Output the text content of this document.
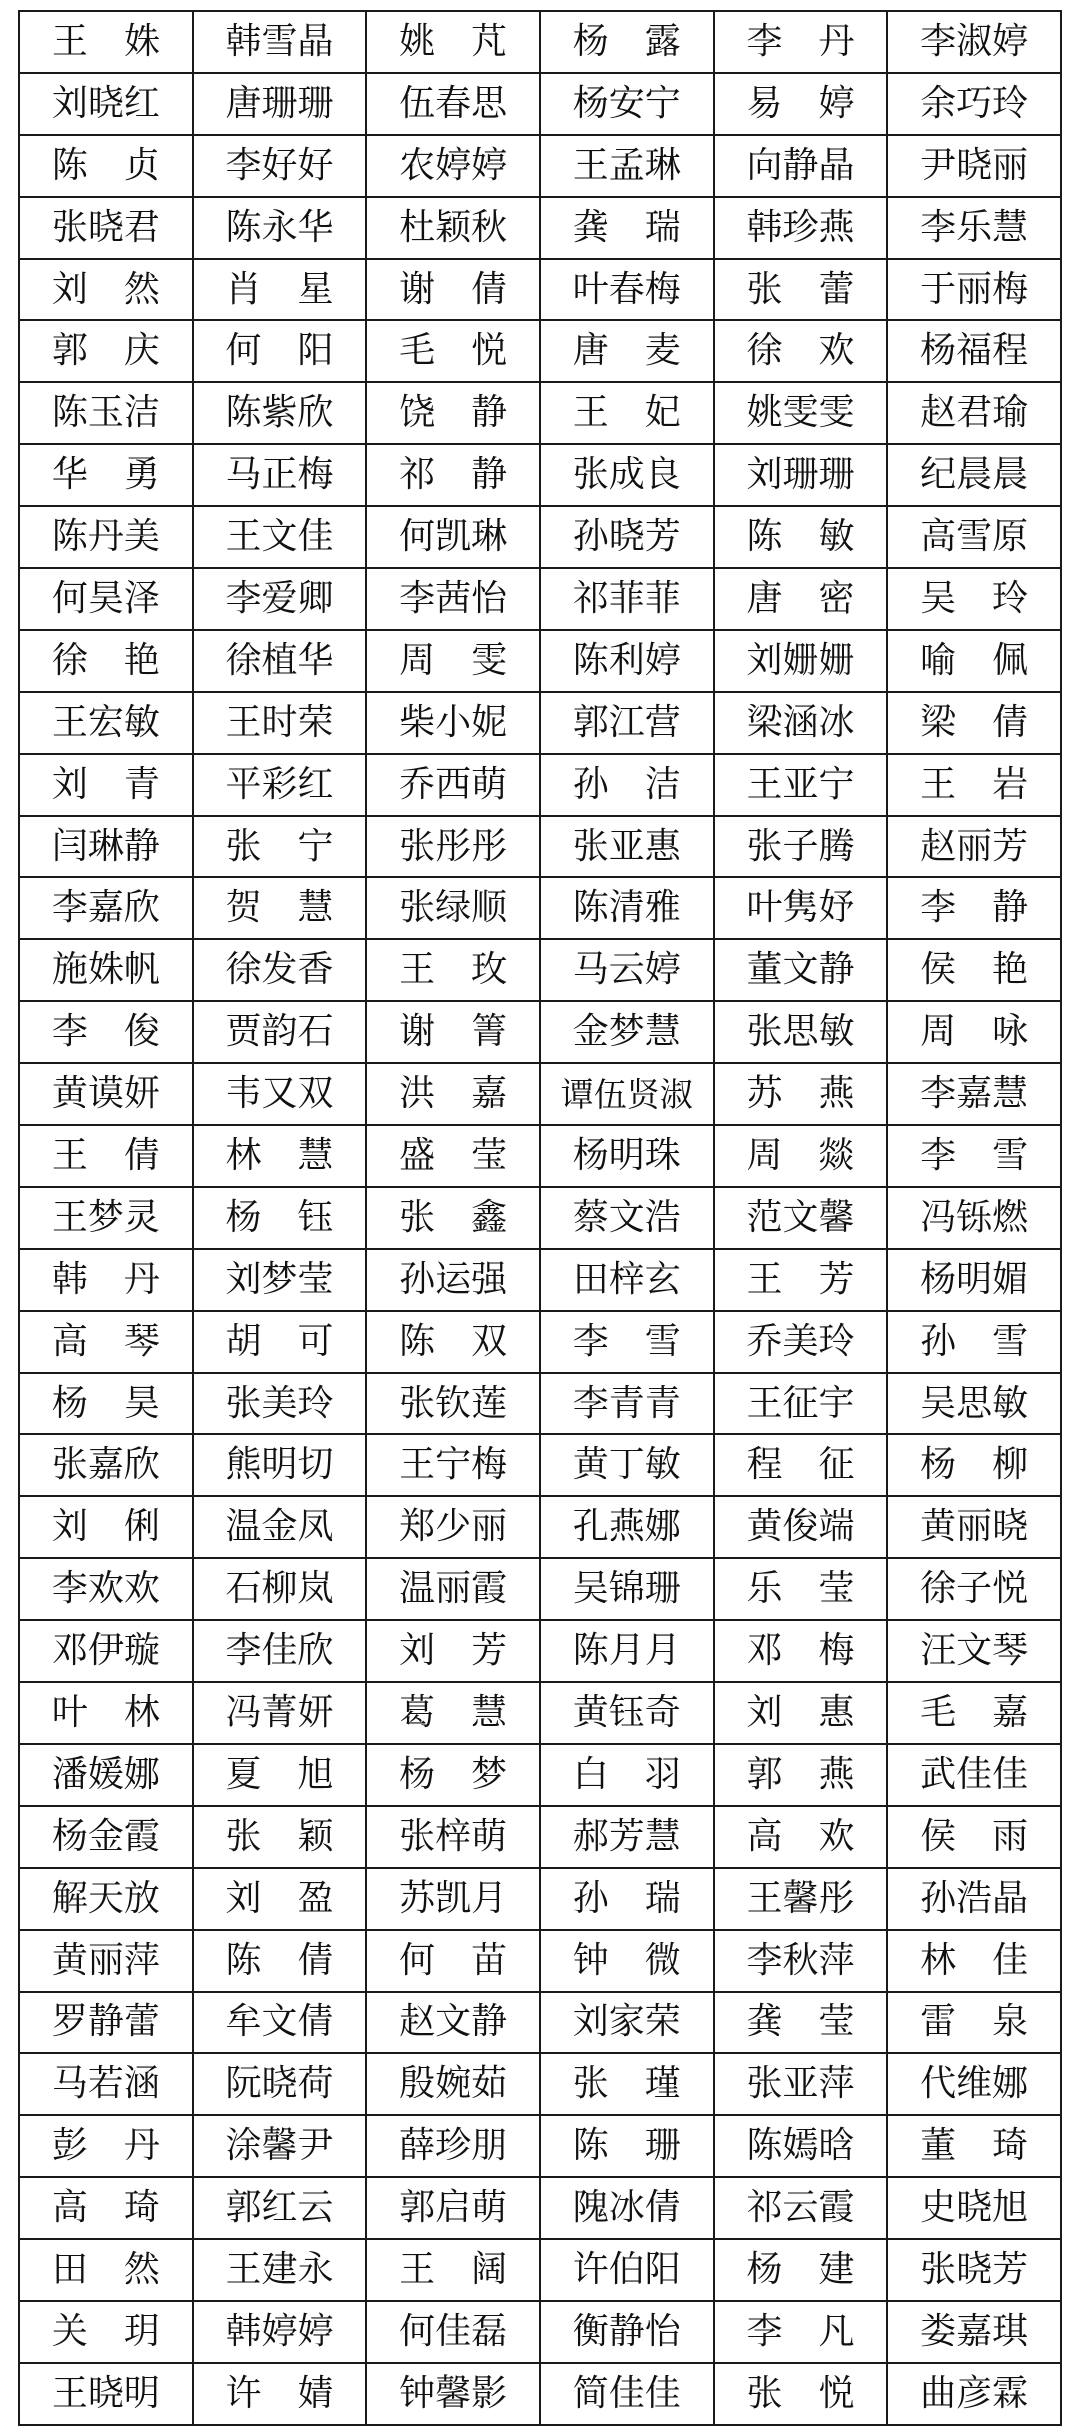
王　姝	韩雪晶	姚　芃	杨　露	李　丹	李淑婷
刘晓红	唐珊珊	伍春思	杨安宁	易　婷	余巧玲
陈　贞	李好好	农婷婷	王孟琳	向静晶	尹晓丽
张晓君	陈永华	杜颖秋	龚　瑞	韩珍燕	李乐慧
刘　然	肖　星	谢　倩	叶春梅	张　蕾	于丽梅
郭　庆	何　阳	毛　悦	唐　麦	徐　欢	杨福程
陈玉洁	陈紫欣	饶　静	王　妃	姚雯雯	赵君瑜
华　勇	马正梅	祁　静	张成良	刘珊珊	纪晨晨
陈丹美	王文佳	何凯琳	孙晓芳	陈　敏	高雪原
何昊泽	李爱卿	李茜怡	祁菲菲	唐　密	吴　玲
徐　艳	徐植华	周　雯	陈利婷	刘姗姗	喻　佩
王宏敏	王时荣	柴小妮	郭江营	梁涵冰	梁　倩
刘　青	平彩红	乔西萌	孙　洁	王亚宁	王　岩
闫琳静	张　宁	张彤彤	张亚惠	张子腾	赵丽芳
李嘉欣	贺　慧	张绿顺	陈清雅	叶隽妤	李　静
施姝帆	徐发香	王　玫	马云婷	董文静	侯　艳
李　俊	贾韵石	谢　箐	金梦慧	张思敏	周　咏
黄谟妍	韦又双	洪　嘉	谭伍贤淑	苏　燕	李嘉慧
王　倩	林　慧	盛　莹	杨明珠	周　燚	李　雪
王梦灵	杨　钰	张　鑫	蔡文浩	范文馨	冯铄燃
韩　丹	刘梦莹	孙运强	田梓玄	王　芳	杨明媚
高　琴	胡　可	陈　双	李　雪	乔美玲	孙　雪
杨　昊	张美玲	张钦莲	李青青	王征宇	吴思敏
张嘉欣	熊明切	王宁梅	黄丁敏	程　征	杨　柳
刘　俐	温金凤	郑少丽	孔燕娜	黄俊端	黄丽晓
李欢欢	石柳岚	温丽霞	吴锦珊	乐　莹	徐子悦
邓伊璇	李佳欣	刘　芳	陈月月	邓　梅	汪文琴
叶　林	冯菁妍	葛　慧	黄钰奇	刘　惠	毛　嘉
潘媛娜	夏　旭	杨　梦	白　羽	郭　燕	武佳佳
杨金霞	张　颖	张梓萌	郝芳慧	高　欢	侯　雨
解天放	刘　盈	苏凯月	孙　瑞	王馨彤	孙浩晶
黄丽萍	陈　倩	何　苗	钟　微	李秋萍	林　佳
罗静蕾	牟文倩	赵文静	刘家荣	龚　莹	雷　泉
马若涵	阮晓荷	殷婉茹	张　瑾	张亚萍	代维娜
彭　丹	涂馨尹	薛珍朋	陈　珊	陈嫣晗	董　琦
高　琦	郭红云	郭启萌	隗冰倩	祁云霞	史晓旭
田　然	王建永	王　阔	许伯阳	杨　建	张晓芳
关　玥	韩婷婷	何佳磊	衡静怡	李　凡	娄嘉琪
王晓明	许　婧	钟馨影	简佳佳	张　悦	曲彦霖
